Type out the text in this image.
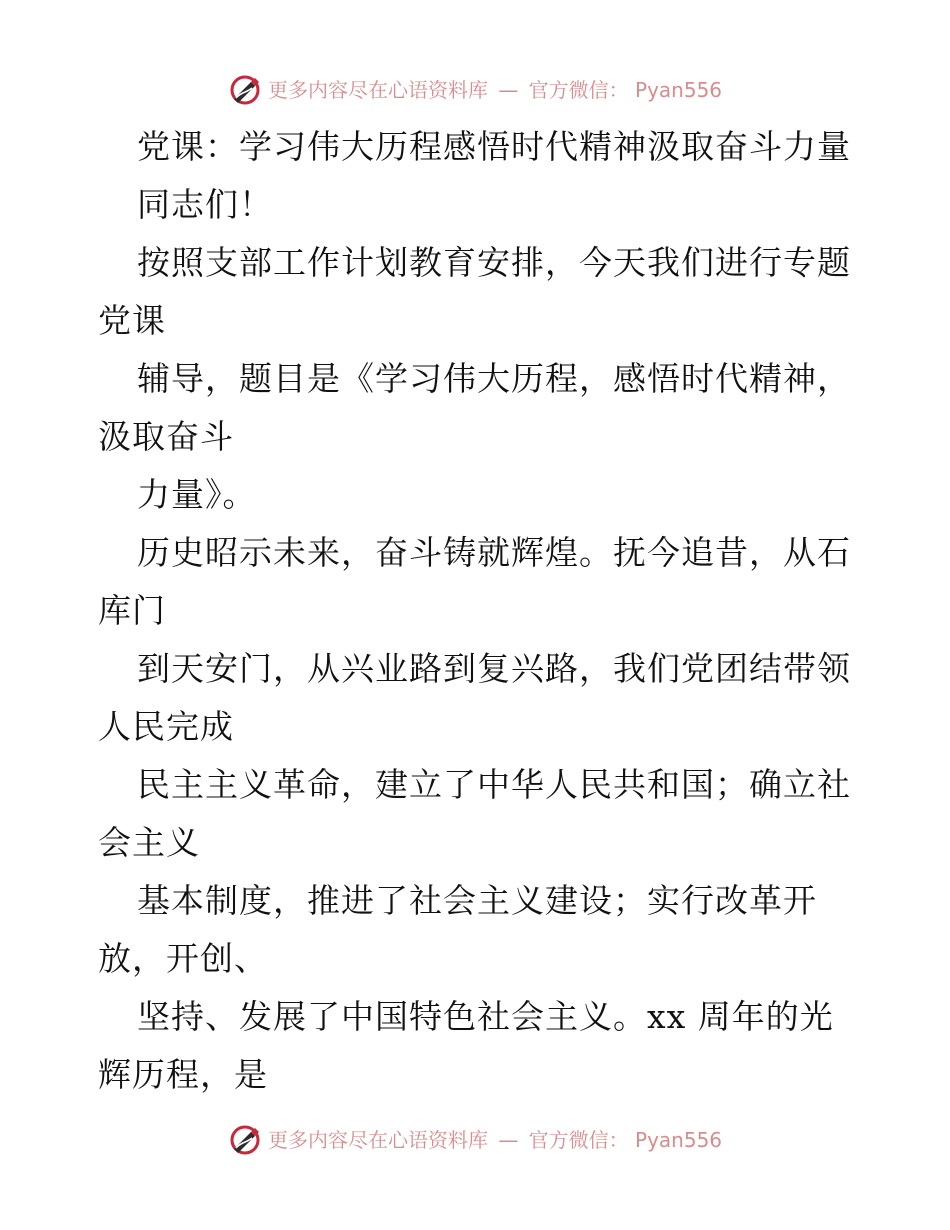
更多内容尽在心语资料库 — 官方微信： Pyan556
党课：学习伟大历程感悟时代精神汲取奋斗力量
同志们！
按照支部工作计划教育安排，今天我们进行专题
党课
辅导，题目是《学习伟大历程，感悟时代精神，
汲取奋斗
力量》。
历史昭示未来，奋斗铸就辉煌。抚今追昔，从石
库门
到天安门，从兴业路到复兴路，我们党团结带领
人民完成
民主主义革命，建立了中华人民共和国；确立社
会主义
基本制度，推进了社会主义建设；实行改革开
放，开创、
坚持、发展了中国特色社会主义。xx 周年的光
辉历程，是
更多内容尽在心语资料库 — 官方微信： Pyan556
